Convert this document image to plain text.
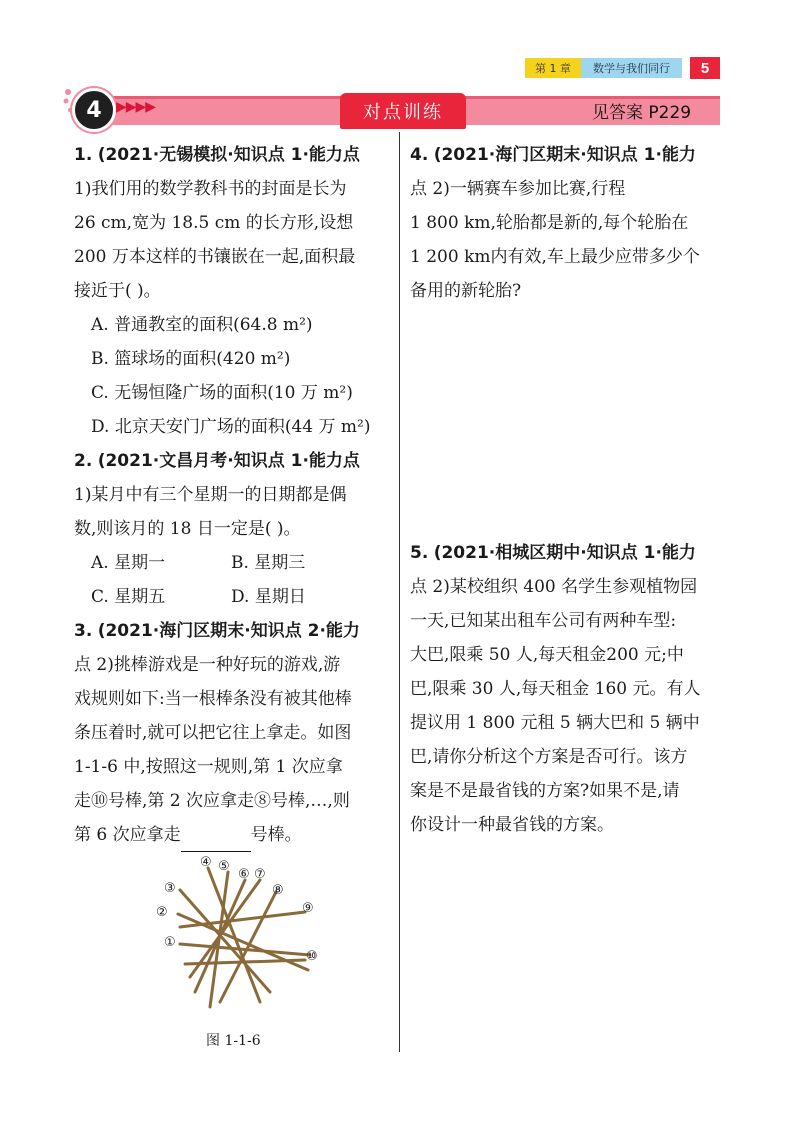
第 1 章	数学与我们同行	5
4	▶▶▶▶	对点训练	见答案 P229

1. (2021·无锡模拟·知识点 1·能力点

1)我们用的数学教科书的封面是长为

26 cm,宽为 18.5 cm 的长方形,设想

200 万本这样的书镶嵌在一起,面积最

接近于( )。

A. 普通教室的面积(64.8 m²)

B. 篮球场的面积(420 m²)

C. 无锡恒隆广场的面积(10 万 m²)

D. 北京天安门广场的面积(44 万 m²)

2. (2021·文昌月考·知识点 1·能力点

1)某月中有三个星期一的日期都是偶

数,则该月的 18 日一定是( )。

A. 星期一	B. 星期三
C. 星期五	D. 星期日

3. (2021·海门区期末·知识点 2·能力

点 2)挑棒游戏是一种好玩的游戏,游

戏规则如下:当一根棒条没有被其他棒

条压着时,就可以把它往上拿走。如图

1-1-6 中,按照这一规则,第 1 次应拿

走⑩号棒,第 2 次应拿走⑧号棒,…,则

第 6 次应拿走	号棒。

①
②
③
④ ⑤
⑥ ⑦
⑧
⑨
⑩
图 1-1-6

4. (2021·海门区期末·知识点 1·能力

点 2)一辆赛车参加比赛,行程

1 800 km,轮胎都是新的,每个轮胎在

1 200 km内有效,车上最少应带多少个

备用的新轮胎?

5. (2021·相城区期中·知识点 1·能力

点 2)某校组织 400 名学生参观植物园

一天,已知某出租车公司有两种车型:

大巴,限乘 50 人,每天租金200 元;中

巴,限乘 30 人,每天租金 160 元。有人

提议用 1 800 元租 5 辆大巴和 5 辆中

巴,请你分析这个方案是否可行。该方

案是不是最省钱的方案?如果不是,请

你设计一种最省钱的方案。
